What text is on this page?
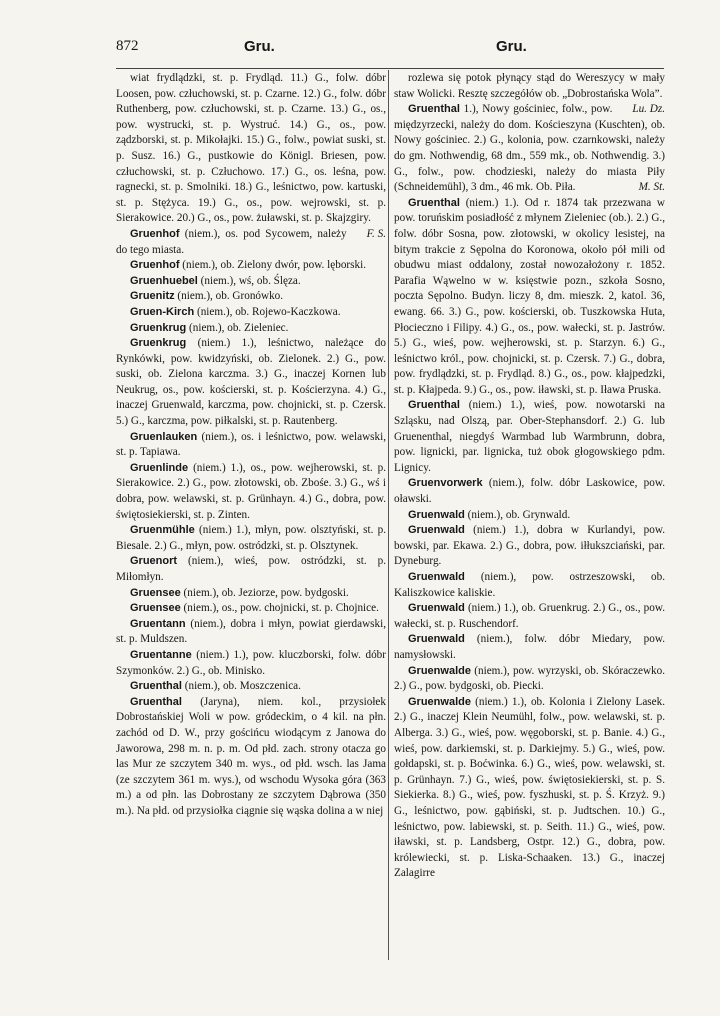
872	Gru.	Gru.

wiat frydlądzki, st. p. Frydląd. 11.) G., folw. dóbr Loosen, pow. człuchowski, st. p. Czarne. 12.) G., folw. dóbr Ruthenberg, pow. człuchowski, st. p. Czarne. 13.) G., os., pow. wystrucki, st. p. Wystruć. 14.) G., os., pow. ządzborski, st. p. Mikołajki. 15.) G., folw., powiat suski, st. p. Susz. 16.) G., pustkowie do Königl. Briesen, pow. człuchowski, st. p. Człuchowo. 17.) G., os. leśna, pow. ragnecki, st. p. Smolniki. 18.) G., leśnictwo, pow. kartuski, st. p. Stężyca. 19.) G., os., pow. wejrowski, st. p. Sierakowice. 20.) G., os., pow. żuławski, st. p. Skajzgiry.
F. S.

Gruenhof (niem.), os. pod Sycowem, należy do tego miasta.

Gruenhof (niem.), ob. Zielony dwór, pow. lęborski.

Gruenhuebel (niem.), wś, ob. Ślęza.

Gruenitz (niem.), ob. Gronówko.

Gruen-Kirch (niem.), ob. Rojewo-Kaczkowa.

Gruenkrug (niem.), ob. Zieleniec.

Gruenkrug (niem.) 1.), leśnictwo, należące do Rynkówki, pow. kwidzyński, ob. Zielonek. 2.) G., pow. suski, ob. Zielona karczma. 3.) G., inaczej Kornen lub Neukrug, os., pow. kościerski, st. p. Kościerzyna. 4.) G., inaczej Gruenwald, karczma, pow. chojnicki, st. p. Czersk. 5.) G., karczma, pow. piłkalski, st. p. Rautenberg.

Gruenlauken (niem.), os. i leśnictwo, pow. welawski, st. p. Tapiawa.

Gruenlinde (niem.) 1.), os., pow. wejherowski, st. p. Sierakowice. 2.) G., pow. złotowski, ob. Zbośe. 3.) G., wś i dobra, pow. welawski, st. p. Grünhayn. 4.) G., dobra, pow. świętosiekierski, st. p. Zinten.

Gruenmühle (niem.) 1.), młyn, pow. olsztyński, st. p. Biesale. 2.) G., młyn, pow. ostródzki, st. p. Olsztynek.

Gruenort (niem.), wieś, pow. ostródzki, st. p. Miłomłyn.

Gruensee (niem.), ob. Jeziorze, pow. bydgoski.

Gruensee (niem.), os., pow. chojnicki, st. p. Chojnice.

Gruentann (niem.), dobra i młyn, powiat gierdawski, st. p. Muldszen.

Gruentanne (niem.) 1.), pow. kluczborski, folw. dóbr Szymonków. 2.) G., ob. Minisko.

Gruenthal (niem.), ob. Moszczenica.

Gruenthal (Jaryna), niem. kol., przysiołek Dobrostańskiej Woli w pow. gródeckim, o 4 kil. na płn. zachód od D. W., przy gościńcu wiodącym z Janowa do Jaworowa, 298 m. n. p. m. Od płd. zach. strony otacza go las Mur ze szczytem 340 m. wys., od płd. wsch. las Jama (ze szczytem 361 m. wys.), od wschodu Wysoka góra (363 m.) a od płn. las Dobrostany ze szczytem Dąbrowa (350 m.). Na płd. od przysiołka ciągnie się wąska dolina a w niej

rozlewa się potok płynący stąd do Wereszycy w mały staw Wolicki. Resztę szczegółów ob. „Dobrostańska Wola”.
Lu. Dz.

Gruenthal 1.), Nowy gościniec, folw., pow. międzyrzecki, należy do dom. Kościeszyna (Kuschten), ob. Nowy gościniec. 2.) G., kolonia, pow. czarnkowski, należy do gm. Nothwendig, 68 dm., 559 mk., ob. Nothwendig. 3.) G., folw., pow. chodzieski, należy do miasta Piły (Schneidemühl), 3 dm., 46 mk. Ob. Piła.	M. St.

Gruenthal (niem.) 1.). Od r. 1874 tak przezwana w pow. toruńskim posiadłość z młynem Zieleniec (ob.). 2.) G., folw. dóbr Sosna, pow. złotowski, w okolicy lesistej, na bitym trakcie z Sępolna do Koronowa, około pół mili od obudwu miast oddalony, został nowozałożony r. 1852. Parafia Wąwelno w w. księstwie pozn., szkoła Sosno, poczta Sępolno. Budyn. liczy 8, dm. mieszk. 2, katol. 36, ewang. 66. 3.) G., pow. kościerski, ob. Tuszkowska Huta, Płocieczno i Filipy. 4.) G., os., pow. wałecki, st. p. Jastrów. 5.) G., wieś, pow. wejherowski, st. p. Starzyn. 6.) G., leśnictwo król., pow. chojnicki, st. p. Czersk. 7.) G., dobra, pow. frydlądzki, st. p. Frydląd. 8.) G., os., pow. kłajpedzki, st. p. Kłajpeda. 9.) G., os., pow. iławski, st. p. Iława Pruska.

Gruenthal (niem.) 1.), wieś, pow. nowotarski na Szląsku, nad Olszą, par. Ober-Stephansdorf. 2.) G. lub Gruenenthal, niegdyś Warmbad lub Warmbrunn, dobra, pow. lignicki, par. lignicka, tuż obok głogowskiego pdm. Lignicy.

Gruenvorwerk (niem.), folw. dóbr Laskowice, pow. oławski.

Gruenwald (niem.), ob. Grynwald.

Gruenwald (niem.) 1.), dobra w Kurlandyi, pow. bowski, par. Ekawa. 2.) G., dobra, pow. iłłukszciański, par. Dyneburg.

Gruenwald (niem.), pow. ostrzeszowski, ob. Kaliszkowice kaliskie.

Gruenwald (niem.) 1.), ob. Gruenkrug. 2.) G., os., pow. wałecki, st. p. Ruschendorf.

Gruenwald (niem.), folw. dóbr Miedary, pow. namysłowski.

Gruenwalde (niem.), pow. wyrzyski, ob. Skóraczewko. 2.) G., pow. bydgoski, ob. Piecki.

Gruenwalde (niem.) 1.), ob. Kolonia i Zielony Lasek. 2.) G., inaczej Klein Neumühl, folw., pow. welawski, st. p. Alberga. 3.) G., wieś, pow. węgoborski, st. p. Banie. 4.) G., wieś, pow. darkiemski, st. p. Darkiejmy. 5.) G., wieś, pow. gołdapski, st. p. Boćwinka. 6.) G., wieś, pow. welawski, st. p. Grünhayn. 7.) G., wieś, pow. świętosiekierski, st. p. S. Siekierka. 8.) G., wieś, pow. fyszhuski, st. p. Ś. Krzyż. 9.) G., leśnictwo, pow. gąbiński, st. p. Judtschen. 10.) G., leśnictwo, pow. labiewski, st. p. Seith. 11.) G., wieś, pow. iławski, st. p. Landsberg, Ostpr. 12.) G., dobra, pow. królewiecki, st. p. Liska-Schaaken. 13.) G., inaczej Zalagirre
